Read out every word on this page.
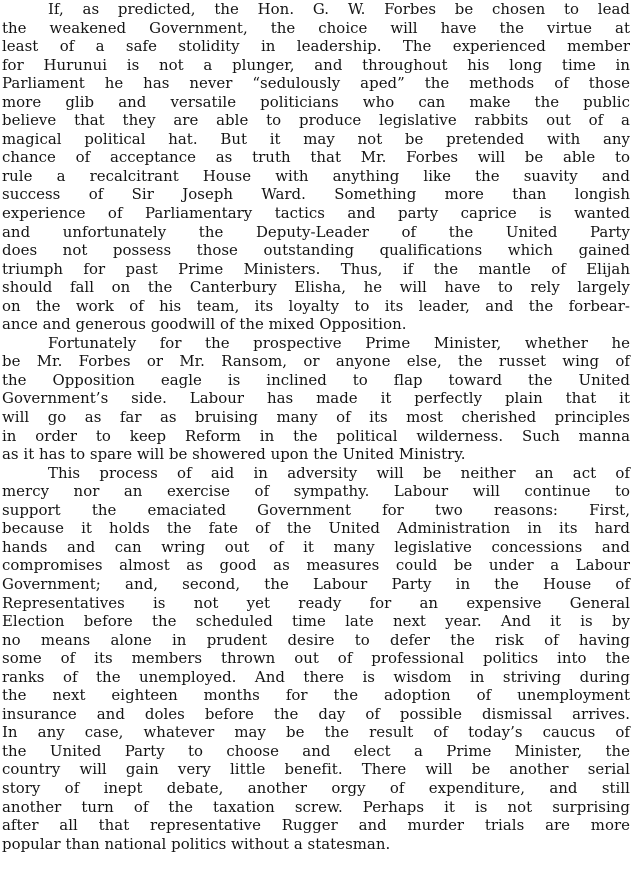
If, as predicted, the Hon. G. W. Forbes be chosen to lead
the weakened Government, the choice will have the virtue at
least of a safe stolidity in leadership. The experienced member
for Hurunui is not a plunger, and throughout his long time in
Parliament he has never “sedulously aped” the methods of those
more glib and versatile politicians who can make the public
believe that they are able to produce legislative rabbits out of a
magical political hat. But it may not be pretended with any
chance of acceptance as truth that Mr. Forbes will be able to
rule a recalcitrant House with anything like the suavity and
success of Sir Joseph Ward. Something more than longish
experience of Parliamentary tactics and party caprice is wanted
and unfortunately the Deputy-Leader of the United Party
does not possess those outstanding qualifications which gained
triumph for past Prime Ministers. Thus, if the mantle of Elijah
should fall on the Canterbury Elisha, he will have to rely largely
on the work of his team, its loyalty to its leader, and the forbear-
ance and generous goodwill of the mixed Opposition.

Fortunately for the prospective Prime Minister, whether he
be Mr. Forbes or Mr. Ransom, or anyone else, the russet wing of
the Opposition eagle is inclined to flap toward the United
Government’s side. Labour has made it perfectly plain that it
will go as far as bruising many of its most cherished principles
in order to keep Reform in the political wilderness. Such manna
as it has to spare will be showered upon the United Ministry.

This process of aid in adversity will be neither an act of
mercy nor an exercise of sympathy. Labour will continue to
support the emaciated Government for two reasons: First,
because it holds the fate of the United Administration in its hard
hands and can wring out of it many legislative concessions and
compromises almost as good as measures could be under a Labour
Government; and, second, the Labour Party in the House of
Representatives is not yet ready for an expensive General
Election before the scheduled time late next year. And it is by
no means alone in prudent desire to defer the risk of having
some of its members thrown out of professional politics into the
ranks of the unemployed. And there is wisdom in striving during
the next eighteen months for the adoption of unemployment
insurance and doles before the day of possible dismissal arrives.
In any case, whatever may be the result of today’s caucus of
the United Party to choose and elect a Prime Minister, the
country will gain very little benefit. There will be another serial
story of inept debate, another orgy of expenditure, and still
another turn of the taxation screw. Perhaps it is not surprising
after all that representative Rugger and murder trials are more
popular than national politics without a statesman.
